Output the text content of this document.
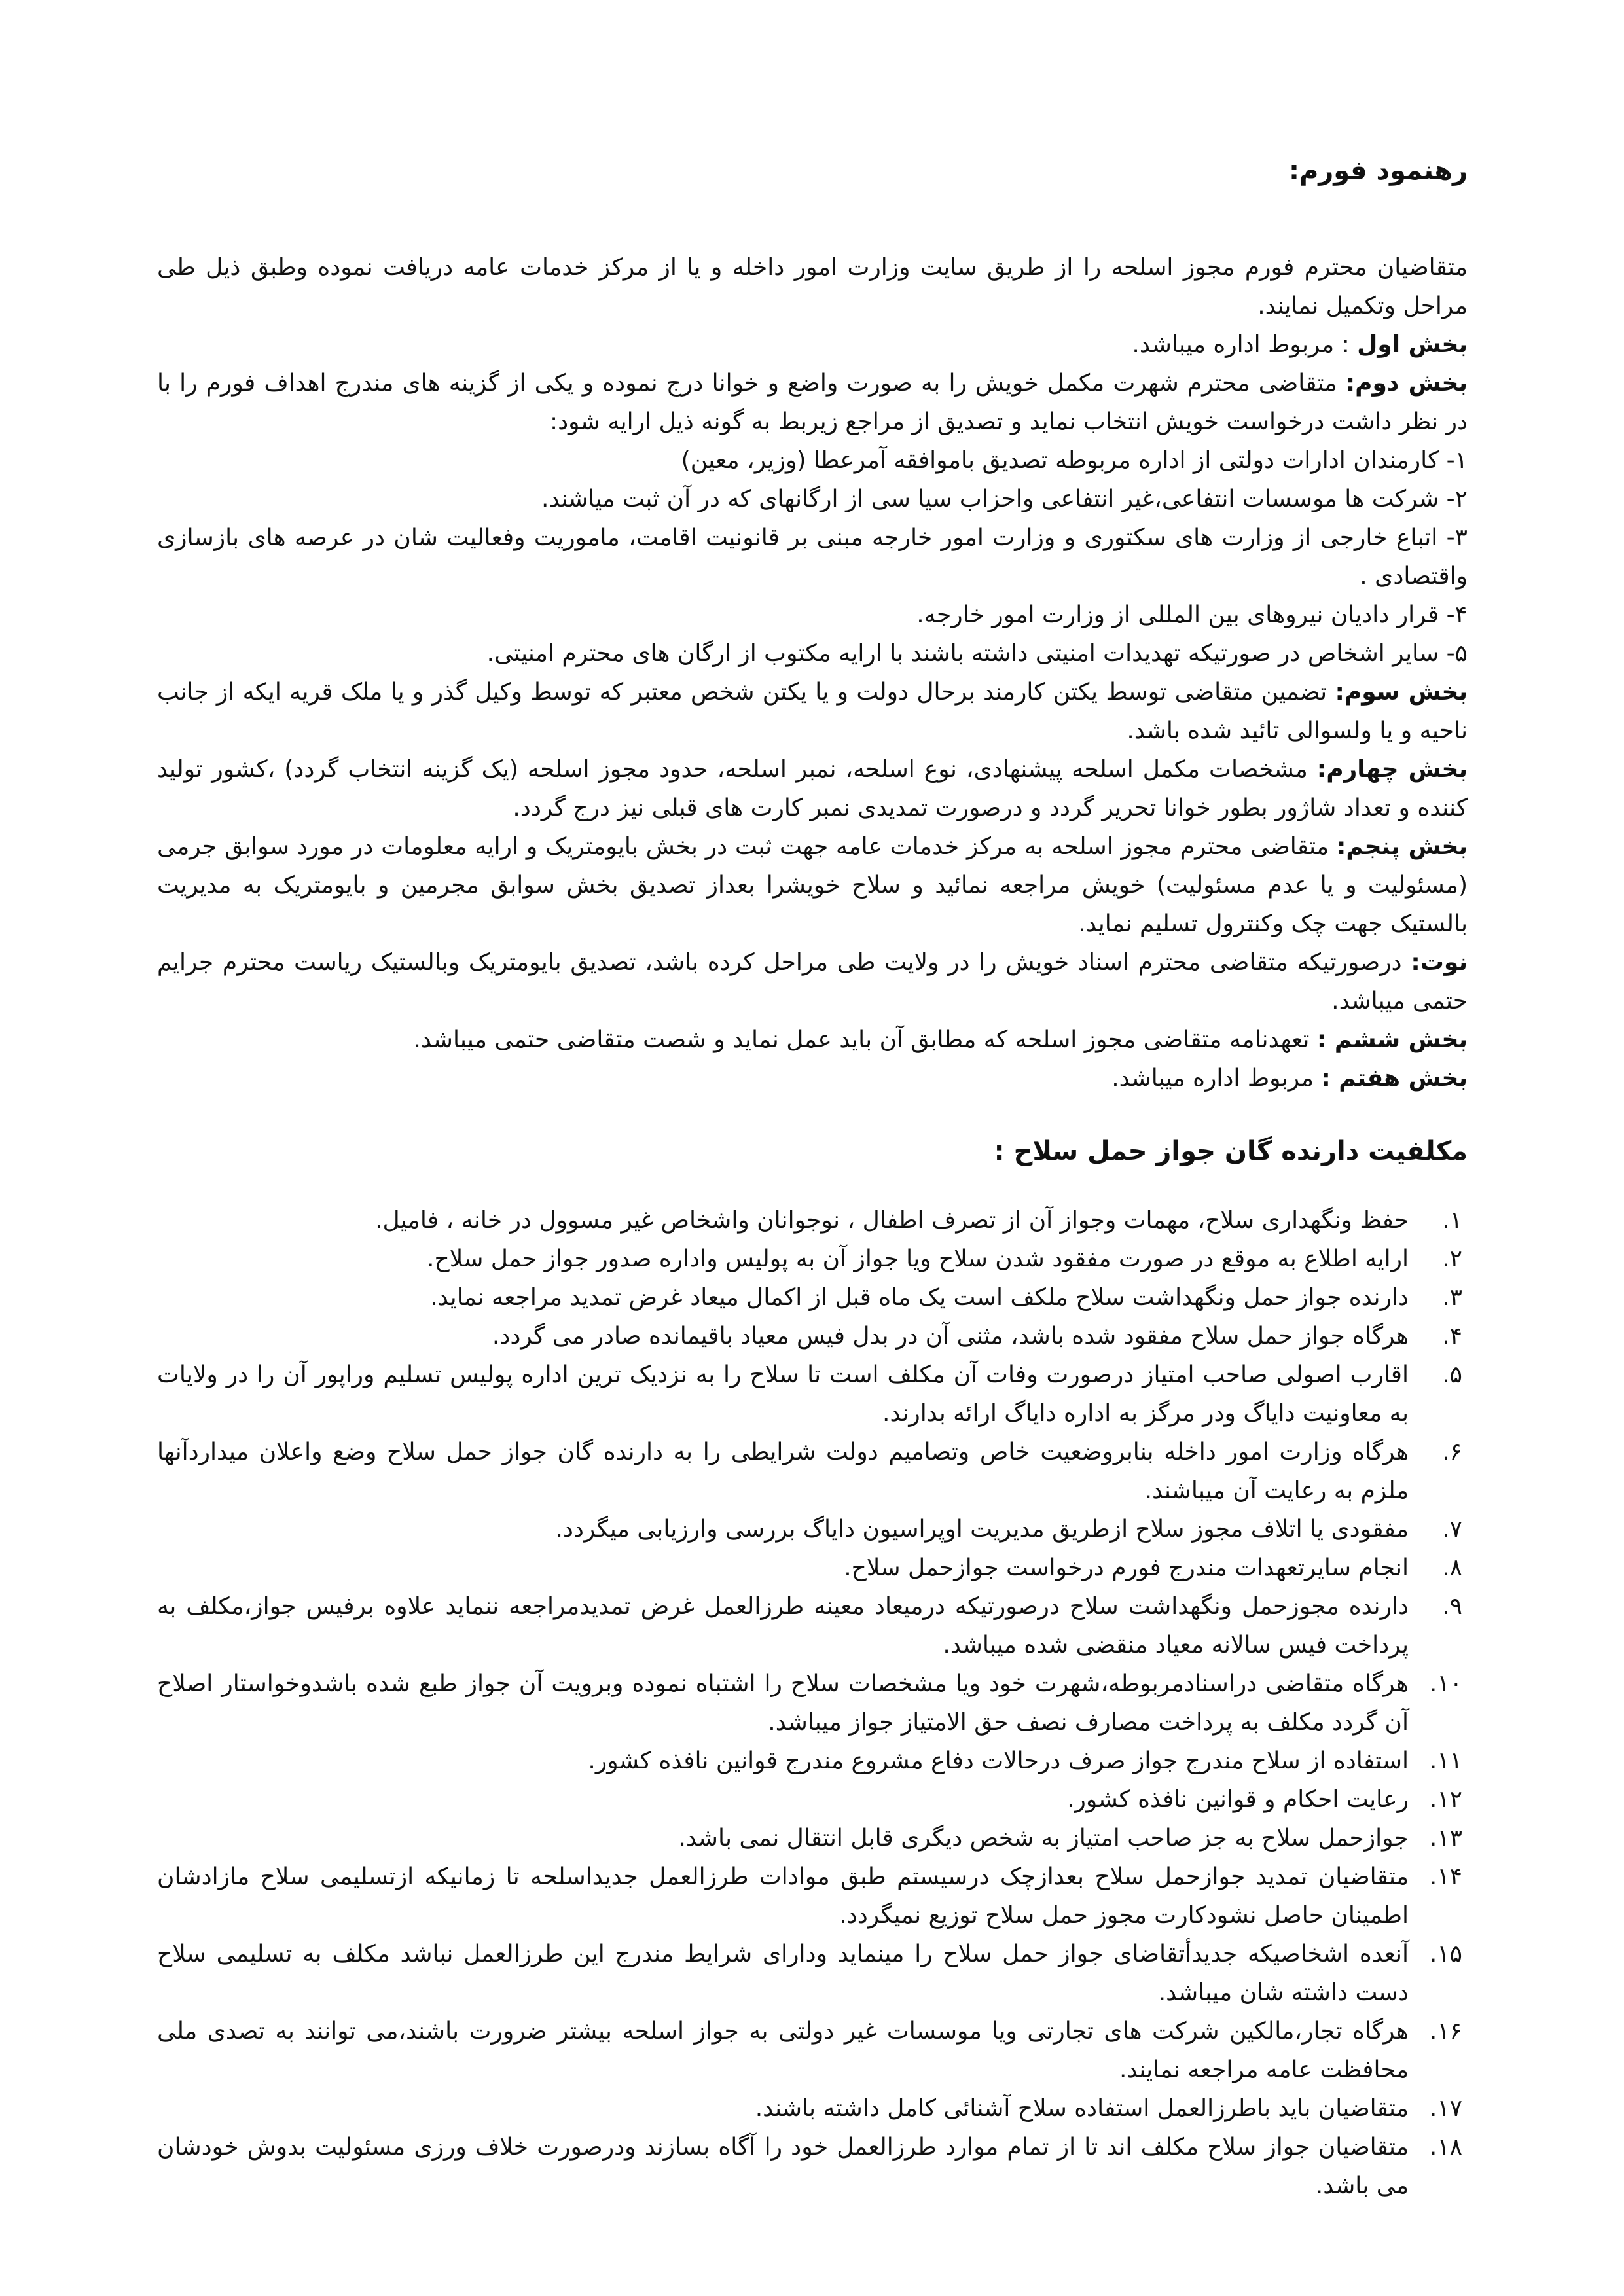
رهنمود فورم:

متقاضیان محترم فورم مجوز اسلحه را از طریق سایت وزارت امور داخله و یا از مرکز خدمات عامه دریافت نموده وطبق ذیل طی مراحل وتکمیل نمایند.

بخش اول : مربوط اداره میباشد.

بخش دوم: متقاضی محترم شهرت مکمل خویش را به صورت واضع و خوانا درج نموده و یکی از گزینه های مندرج اهداف فورم را با در نظر داشت درخواست خویش انتخاب نماید و تصدیق از مراجع زیربط به گونه ذیل ارایه شود:

۱- کارمندان ادارات دولتی از اداره مربوطه تصدیق باموافقه آمرعطا (وزیر، معین)

۲- شرکت ها موسسات انتفاعی،غیر انتفاعی واحزاب سیا سی از ارگانهای که در آن ثبت میاشند.

۳- اتباع خارجی از وزارت های سکتوری و وزارت امور خارجه مبنی بر قانونیت اقامت، ماموریت وفعالیت شان در عرصه های بازسازی واقتصادی .

۴- قرار دادیان نیروهای بین المللی از وزارت امور خارجه.

۵- سایر اشخاص در صورتیکه تهدیدات امنیتی داشته باشند با ارایه مکتوب از ارگان های محترم امنیتی.

بخش سوم: تضمین متقاضی توسط یکتن کارمند برحال دولت و یا یکتن شخص معتبر که توسط وکیل گذر و یا ملک قریه ایکه از جانب ناحیه و یا ولسوالی تائید شده باشد.

بخش چهارم: مشخصات مکمل اسلحه پیشنهادی، نوع اسلحه، نمبر اسلحه، حدود مجوز اسلحه (یک گزینه انتخاب گردد) ،کشور تولید کننده و تعداد شاژور بطور خوانا تحریر گردد و درصورت تمدیدی نمبر کارت های قبلی نیز درج گردد.

بخش پنجم: متقاضی محترم مجوز اسلحه به مرکز خدمات عامه جهت ثبت در بخش بایومتریک و ارایه معلومات در مورد سوابق جرمی (مسئولیت و یا عدم مسئولیت) خویش مراجعه نمائید و سلاح خویشرا بعداز تصدیق بخش سوابق مجرمین و بایومتریک به مدیریت بالستیک جهت چک وکنترول تسلیم نماید.

نوت: درصورتیکه متقاضی محترم اسناد خویش را در ولایت طی مراحل کرده باشد، تصدیق بایومتریک وبالستیک ریاست محترم جرایم حتمی میباشد.

بخش ششم : تعهدنامه متقاضی مجوز اسلحه که مطابق آن باید عمل نماید و شصت متقاضی حتمی میباشد.

بخش هفتم : مربوط اداره میباشد.

مکلفیت دارنده گان جواز حمل سلاح :

۱.
حفظ ونگهداری سلاح، مهمات وجواز آن از تصرف اطفال ، نوجوانان واشخاص غیر مسوول در خانه ، فامیل.
۲.
ارایه اطلاع به موقع در صورت مفقود شدن سلاح ویا جواز آن به پولیس واداره صدور جواز حمل سلاح.
۳.
دارنده جواز حمل ونگهداشت سلاح ملکف است یک ماه قبل از اکمال میعاد غرض تمدید مراجعه نماید.
۴.
هرگاه جواز حمل سلاح مفقود شده باشد، مثنی آن در بدل فیس معیاد باقیمانده صادر می گردد.
۵.
اقارب اصولی صاحب امتیاز درصورت وفات آن مکلف است تا سلاح را به نزدیک ترین اداره پولیس تسلیم وراپور آن را در ولایات به معاونیت دایاگ ودر مرگز به اداره دایاگ ارائه بدارند.
۶.
هرگاه وزارت امور داخله بنابروضعیت خاص وتصامیم دولت شرایطی را به دارنده گان جواز حمل سلاح وضع واعلان میدارد‌آنها ملزم به رعایت آن میباشند.
۷.
مفقودی یا اتلاف مجوز سلاح ازطریق مدیریت اوپراسیون دایاگ بررسی وارزیابی میگردد.
۸.
انجام سایرتعهدات مندرج فورم درخواست جوازحمل سلاح.
۹.
دارنده مجوزحمل ونگهداشت سلاح درصورتیکه درمیعاد معینه طرزالعمل غرض تمدیدمراجعه ننماید علاوه برفیس جواز،مکلف به پرداخت فیس سالانه معیاد منقضی شده میباشد.
۱۰.
هرگاه متقاضی دراسنادمربوطه،شهرت خود ویا مشخصات سلاح را اشتباه نموده وبرویت آن جواز طبع شده باشدوخواستار اصلاح آن گردد مکلف به پرداخت مصارف نصف حق الامتیاز جواز میباشد.
۱۱.
استفاده از سلاح مندرج جواز صرف درحالات دفاع مشروع مندرج قوانین نافذه کشور.
۱۲.
رعایت احکام و قوانین نافذه کشور.
۱۳.
جوازحمل سلاح به جز صاحب امتیاز به شخص دیگری قابل انتقال نمی باشد.
۱۴.
متقاضیان تمدید جوازحمل سلاح بعدازچک درسیستم طبق موادات طرزالعمل جدیداسلحه تا زمانیکه ازتسلیمی سلاح مازادشان اطمینان حاصل نشودکارت مجوز حمل سلاح توزیع نمیگردد.
۱۵.
آنعده اشخاصیکه جدیدأتقاضای جواز حمل سلاح را مینماید ودارای شرایط مندرج این طرزالعمل نباشد مکلف به تسلیمی سلاح دست داشته شان میباشد.
۱۶.
هرگاه تجار،مالکین شرکت های تجارتی ویا موسسات غیر دولتی به جواز اسلحه بیشتر ضرورت باشند،می توانند به تصدی ملی محافظت عامه مراجعه نمایند.
۱۷.
متقاضیان باید باطرزالعمل استفاده سلاح آشنائی کامل داشته باشند.
۱۸.
متقاضیان جواز سلاح مکلف اند تا از تمام موارد طرزالعمل خود را آگاه بسازند ودرصورت خلاف ورزی مسئولیت بدوش خودشان می باشد.
